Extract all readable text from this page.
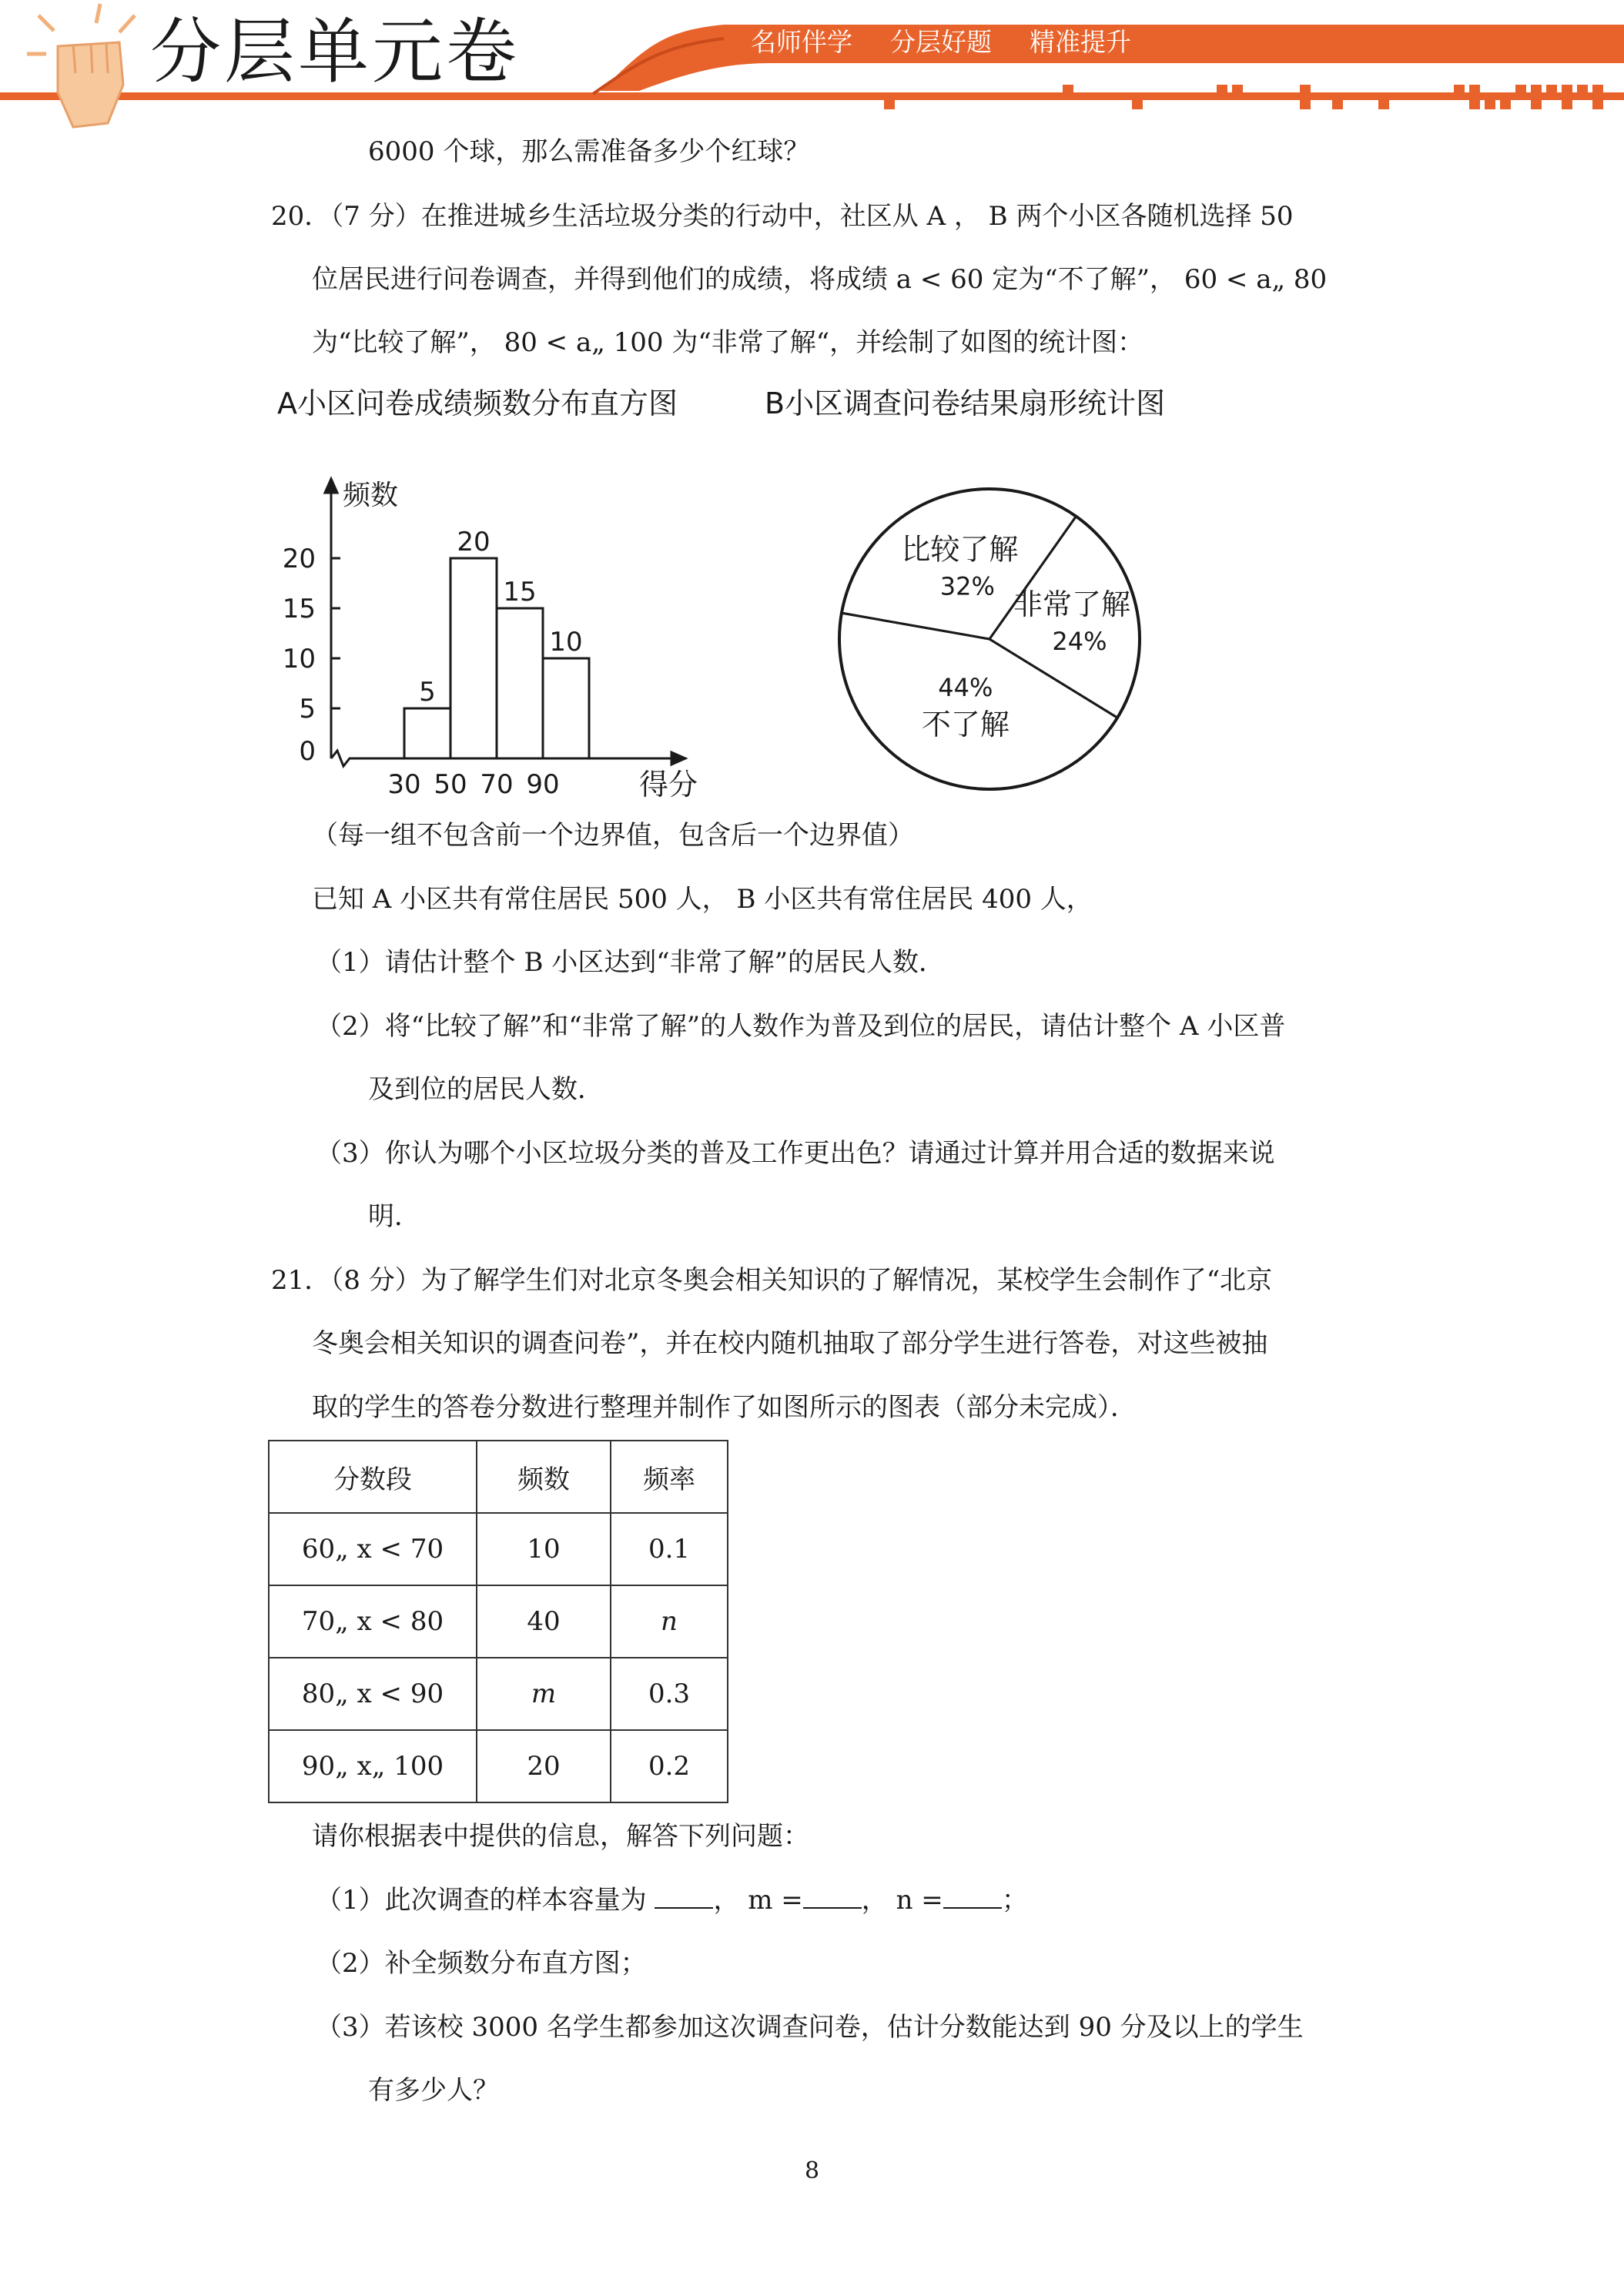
分层单元卷	名师伴学  分层好题  精准提升
6000 个球，那么需准备多少个红球？
20．（7 分）在推进城乡生活垃圾分类的行动中，社区从 A ， B 两个小区各随机选择 50
位居民进行问卷调查，并得到他们的成绩，将成绩 a < 60 定为“不了解”， 60 < a„ 80
为“比较了解”， 80 < a„ 100 为“非常了解“，并绘制了如图的统计图：
A小区问卷成绩频数分布直方图	B小区调查问卷结果扇形统计图
频数
得分
0
5
10
15
20
5
20
15
10
30 50 70 90
比较了解
32%
非常了解
24%
44%
不了解
（每一组不包含前一个边界值，包含后一个边界值）
已知 A 小区共有常住居民 500 人， B 小区共有常住居民 400 人，
（1）请估计整个 B 小区达到“非常了解”的居民人数．
（2）将“比较了解”和“非常了解”的人数作为普及到位的居民，请估计整个 A 小区普
及到位的居民人数．
（3）你认为哪个小区垃圾分类的普及工作更出色？请通过计算并用合适的数据来说
明．
21．（8 分）为了解学生们对北京冬奥会相关知识的了解情况，某校学生会制作了“北京
冬奥会相关知识的调查问卷”，并在校内随机抽取了部分学生进行答卷，对这些被抽
取的学生的答卷分数进行整理并制作了如图所示的图表（部分未完成）．
分数段	频数	频率
60„ x < 70	10	0.1
70„ x < 80	40	n
80„ x < 90	m	0.3
90„ x„ 100	20	0.2
请你根据表中提供的信息，解答下列问题：
（1）此次调查的样本容量为 ， m = ， n = ；
（2）补全频数分布直方图；
（3）若该校 3000 名学生都参加这次调查问卷，估计分数能达到 90 分及以上的学生
有多少人？
8
